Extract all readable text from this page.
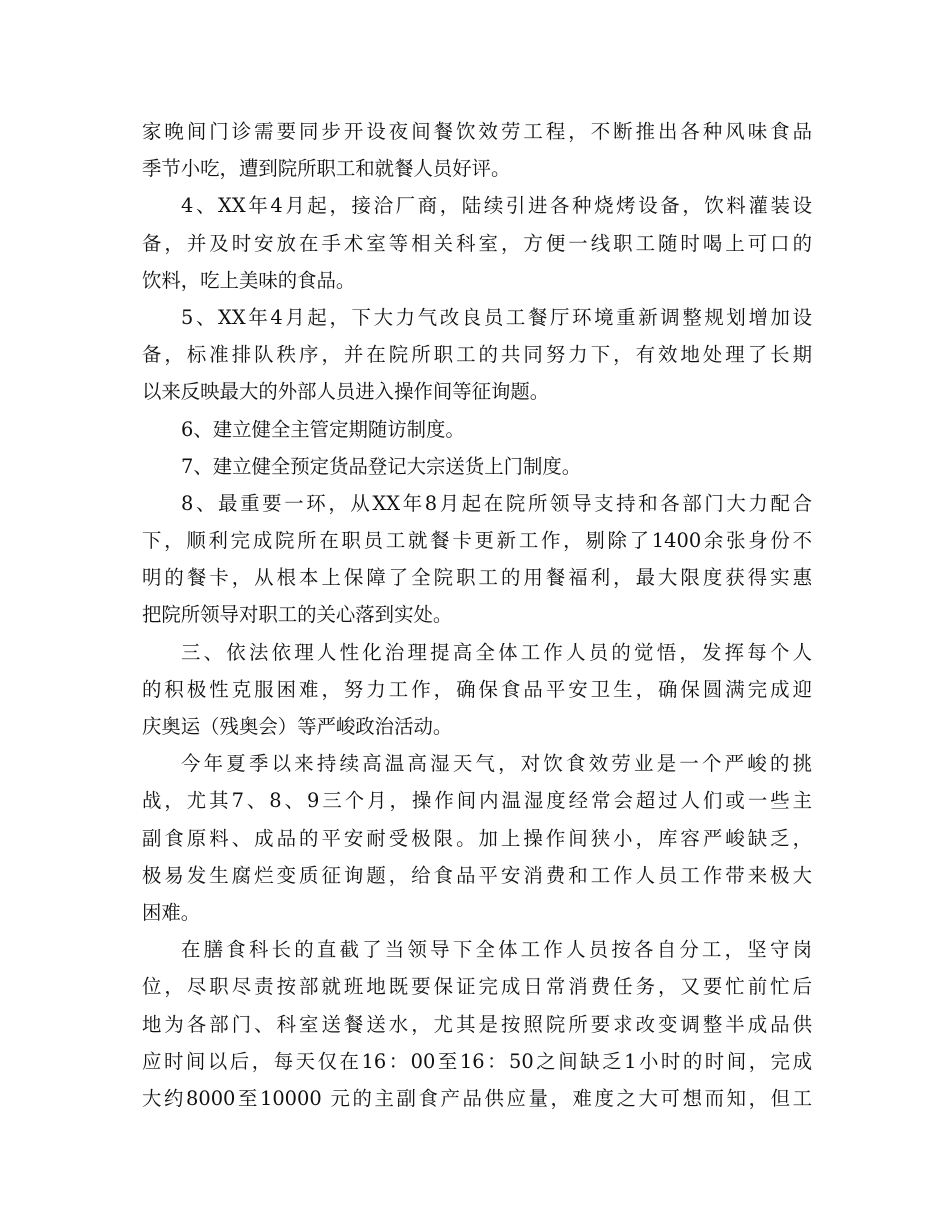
家晚间门诊需要同步开设夜间餐饮效劳工程，不断推出各种风味食品
季节小吃，遭到院所职工和就餐人员好评。
4、XX年4月起，接洽厂商，陆续引进各种烧烤设备，饮料灌装设
备，并及时安放在手术室等相关科室，方便一线职工随时喝上可口的
饮料，吃上美味的食品。
5、XX年4月起，下大力气改良员工餐厅环境重新调整规划增加设
备，标准排队秩序，并在院所职工的共同努力下，有效地处理了长期
以来反映最大的外部人员进入操作间等征询题。
6、建立健全主管定期随访制度。
7、建立健全预定货品登记大宗送货上门制度。
8、最重要一环，从XX年8月起在院所领导支持和各部门大力配合
下，顺利完成院所在职员工就餐卡更新工作，剔除了1400余张身份不
明的餐卡，从根本上保障了全院职工的用餐福利，最大限度获得实惠
把院所领导对职工的关心落到实处。
三、依法依理人性化治理提高全体工作人员的觉悟，发挥每个人
的积极性克服困难，努力工作，确保食品平安卫生，确保圆满完成迎
庆奥运（残奥会）等严峻政治活动。
今年夏季以来持续高温高湿天气，对饮食效劳业是一个严峻的挑
战，尤其7、8、9三个月，操作间内温湿度经常会超过人们或一些主
副食原料、成品的平安耐受极限。加上操作间狭小，库容严峻缺乏，
极易发生腐烂变质征询题，给食品平安消费和工作人员工作带来极大
困难。
在膳食科长的直截了当领导下全体工作人员按各自分工，坚守岗
位，尽职尽责按部就班地既要保证完成日常消费任务，又要忙前忙后
地为各部门、科室送餐送水，尤其是按照院所要求改变调整半成品供
应时间以后，每天仅在16：00至16：50之间缺乏1小时的时间，完成
大约8000至10000 元的主副食产品供应量，难度之大可想而知，但工
